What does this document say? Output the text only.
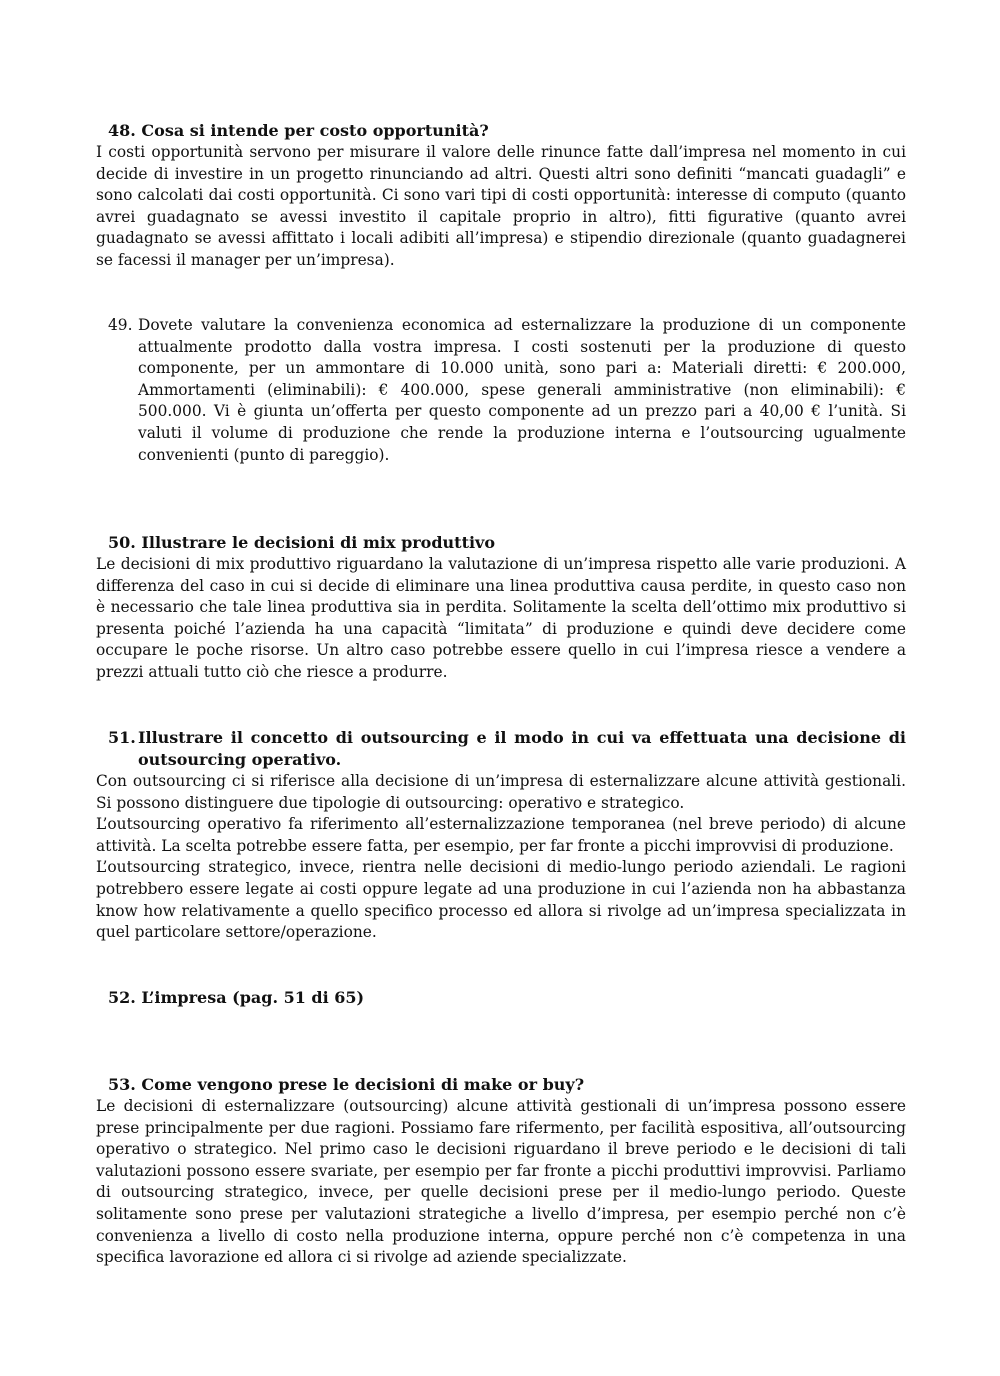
48. Cosa si intende per costo opportunità?

I costi opportunità servono per misurare il valore delle rinunce fatte dall’impresa nel momento in cui decide di investire in un progetto rinunciando ad altri. Questi altri sono definiti “mancati guadagli” e sono calcolati dai costi opportunità. Ci sono vari tipi di costi opportunità: interesse di computo (quanto avrei guadagnato se avessi investito il capitale proprio in altro), fitti figurative (quanto avrei guadagnato se avessi affittato i locali adibiti all’impresa) e stipendio direzionale (quanto guadagnerei se facessi il manager per un’impresa).

49. Dovete valutare la convenienza economica ad esternalizzare la produzione di un componente attualmente prodotto dalla vostra impresa. I costi sostenuti per la produzione di questo componente, per un ammontare di 10.000 unità, sono pari a: Materiali diretti: € 200.000, Ammortamenti (eliminabili): € 400.000, spese generali amministrative (non eliminabili): € 500.000. Vi è giunta un’offerta per questo componente ad un prezzo pari a 40,00 € l’unità. Si valuti il volume di produzione che rende la produzione interna e l’outsourcing ugualmente convenienti (punto di pareggio).
50. Illustrare le decisioni di mix produttivo

Le decisioni di mix produttivo riguardano la valutazione di un’impresa rispetto alle varie produzioni. A differenza del caso in cui si decide di eliminare una linea produttiva causa perdite, in questo caso non è necessario che tale linea produttiva sia in perdita. Solitamente la scelta dell’ottimo mix produttivo si presenta poiché l’azienda ha una capacità “limitata” di produzione e quindi deve decidere come occupare le poche risorse. Un altro caso potrebbe essere quello in cui l’impresa riesce a vendere a prezzi attuali tutto ciò che riesce a produrre.

51. Illustrare il concetto di outsourcing e il modo in cui va effettuata una decisione di outsourcing operativo.

Con outsourcing ci si riferisce alla decisione di un’impresa di esternalizzare alcune attività gestionali. Si possono distinguere due tipologie di outsourcing: operativo e strategico.

L’outsourcing operativo fa riferimento all’esternalizzazione temporanea (nel breve periodo) di alcune attività. La scelta potrebbe essere fatta, per esempio, per far fronte a picchi improvvisi di produzione.

L’outsourcing strategico, invece, rientra nelle decisioni di medio-lungo periodo aziendali. Le ragioni potrebbero essere legate ai costi oppure legate ad una produzione in cui l’azienda non ha abbastanza know how relativamente a quello specifico processo ed allora si rivolge ad un’impresa specializzata in quel particolare settore/operazione.

52. L’impresa (pag. 51 di 65)
53. Come vengono prese le decisioni di make or buy?

Le decisioni di esternalizzare (outsourcing) alcune attività gestionali di un’impresa possono essere prese principalmente per due ragioni. Possiamo fare rifermento, per facilità espositiva, all’outsourcing operativo o strategico. Nel primo caso le decisioni riguardano il breve periodo e le decisioni di tali valutazioni possono essere svariate, per esempio per far fronte a picchi produttivi improvvisi. Parliamo di outsourcing strategico, invece, per quelle decisioni prese per il medio-lungo periodo. Queste solitamente sono prese per valutazioni strategiche a livello d’impresa, per esempio perché non c’è convenienza a livello di costo nella produzione interna, oppure perché non c’è competenza in una specifica lavorazione ed allora ci si rivolge ad aziende specializzate.
